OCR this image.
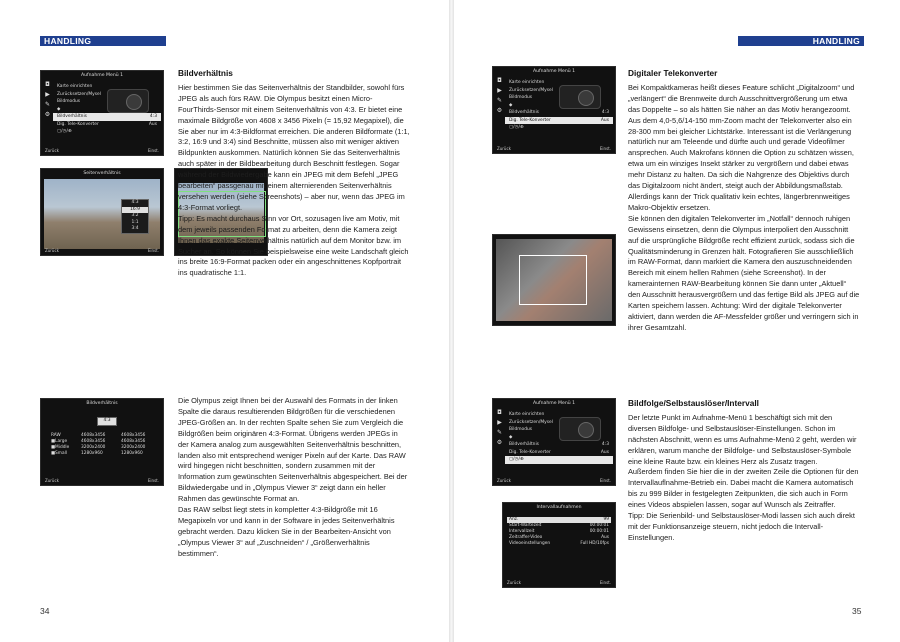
HANDLING
Aufnahme Menü 1
◘
▶
✎
⚙
Karte einrichten
Zurücksetzen/Mysel
Bildmodus
◆
Bildverhältnis	4:3
Dig. Tele-Konverter	Aus
▢/◷/⊕
Zurück	Einst.
Seitenverhältnis
4:3
16:9
3:2
1:1
3:4
Zurück	Einst.
Bildverhältnis
4:3
RAW	4608x3456	4608x3456
■Large	4608x3456	4608x3456
■Middle	3200x2400	3200x2400
■Small	1280x960	1280x960
Zurück	Einst.
Bildverhältnis

Hier bestimmen Sie das Seitenverhältnis der Standbilder, sowohl fürs JPEG als auch fürs RAW. Die Olympus besitzt einen Micro-FourThirds-Sensor mit einem Seitenverhältnis von 4:3. Er bietet eine maximale Bildgröße von 4608 x 3456 Pixeln (= 15,92 Megapixel), die Sie aber nur im 4:3-Bildformat erreichen. Die anderen Bildformate (1:1, 3:2, 16:9 und 3:4) sind Beschnitte, müssen also mit weniger aktiven Bildpunkten auskommen. Natürlich können Sie das Seitenverhältnis auch später in der Bildbearbeitung durch Beschnitt festlegen. Sogar während der Bildwiedergabe kann ein JPEG mit dem Befehl „JPEG bearbeiten“ passgenau mit einem alternierenden Seitenverhältnis versehen werden (siehe Screenshots) – aber nur, wenn das JPEG im 4:3-Format vorliegt.

Tipp: Es macht durchaus Sinn vor Ort, sozusagen live am Motiv, mit dem jeweils passenden Format zu arbeiten, denn die Kamera zeigt Ihnen das exakte Seitenverhältnis natürlich auf dem Monitor bzw. im Sucher an. So können Sie beispielsweise eine weite Landschaft gleich ins breite 16:9-Format packen oder ein angeschnittenes Kopfportrait ins quadratische 1:1.

Die Olympus zeigt Ihnen bei der Auswahl des Formats in der linken Spalte die daraus resultierenden Bildgrößen für die verschiedenen JPEG-Größen an. In der rechten Spalte sehen Sie zum Vergleich die Bildgrößen beim originären 4:3-Format. Übrigens werden JPEGs in der Kamera analog zum ausgewählten Seitenverhältnis beschnitten, landen also mit entsprechend weniger Pixeln auf der Karte. Das RAW wird hingegen nicht beschnitten, sondern zusammen mit der Information zum gewünschten Seitenverhältnis abgespeichert. Bei der Bildwiedergabe und in „Olympus Viewer 3“ zeigt dann ein heller Rahmen das gewünschte Format an.

Das RAW selbst liegt stets in kompletter 4:3-Bildgröße mit 16 Megapixeln vor und kann in der Software in jedes Seitenverhältnis gebracht werden. Dazu klicken Sie in der Bearbeiten-Ansicht von „Olympus Viewer 3“ auf „Zuschneiden“ / „Größenverhältnis bestimmen“.

34
HANDLING
Aufnahme Menü 1
◘
▶
✎
⚙
Karte einrichten
Zurücksetzen/Mysel
Bildmodus
◆
Bildverhältnis	4:3
Dig. Tele-Konverter	Aus
▢/◷/⊕
Zurück	Einst.
Aufnahme Menü 1
◘
▶
✎
⚙
Karte einrichten
Zurücksetzen/Mysel
Bildmodus
◆
Bildverhältnis	4:3
Dig. Tele-Konverter	Aus
▢/◷/⊕
Zurück	Einst.
Intervallaufnahmen
Anz.	99
Start-Wartezeit	00:00:01
Intervallzeit	00:00:01
Zeitraffer-Video	Aus
Videoeinstellungen	Full HD/10fps
Zurück	Einst.
Digitaler Telekonverter

Bei Kompaktkameras heißt dieses Feature schlicht „Digitalzoom“ und „verlängert“ die Brennweite durch Ausschnittvergrößerung um etwa das Doppelte – so als hätten Sie näher an das Motiv herangezoomt. Aus dem 4,0-5,6/14-150 mm-Zoom macht der Telekonverter also ein 28-300 mm bei gleicher Lichtstärke. Interessant ist die Verlängerung natürlich nur am Teleende und dürfte auch und gerade Videofilmer ansprechen. Auch Makrofans können die Option zu schätzen wissen, etwa um ein winziges Insekt stärker zu vergrößern und dabei etwas mehr Distanz zu halten. Da sich die Nahgrenze des Objektivs durch das Digitalzoom nicht ändert, steigt auch der Abbildungsmaßstab. Allerdings kann der Trick qualitativ kein echtes, längerbrennweitiges Makro-Objektiv ersetzen.

Sie können den digitalen Telekonverter im „Notfall“ dennoch ruhigen Gewissens einsetzen, denn die Olympus interpoliert den Ausschnitt auf die ursprüngliche Bildgröße recht effizient zurück, sodass sich die Qualitätsminderung in Grenzen hält. Fotografieren Sie ausschließlich im RAW-Format, dann markiert die Kamera den auszuschneidenden Bereich mit einem hellen Rahmen (siehe Screenshot). In der kamerainternen RAW-Bearbeitung können Sie dann unter „Aktuell“ den Ausschnitt herausvergrößern und das fertige Bild als JPEG auf die Karten speichern lassen. Achtung: Wird der digitale Telekonverter aktiviert, dann werden die AF-Messfelder größer und verringern sich in ihrer Gesamtzahl.

Bildfolge/Selbstauslöser/Intervall

Der letzte Punkt im Aufnahme-Menü 1 beschäftigt sich mit den diversen Bildfolge- und Selbstauslöser-Einstellungen. Schon im nächsten Abschnitt, wenn es ums Aufnahme-Menü 2 geht, werden wir erklären, warum manche der Bildfolge- und Selbstauslöser-Symbole eine kleine Raute bzw. ein kleines Herz als Zusatz tragen.

Außerdem finden Sie hier die in der zweiten Zeile die Optionen für den Intervallauflnahme-Betrieb ein. Dabei macht die Kamera automatisch bis zu 999 Bilder in festgelegten Zeitpunkten, die sich auch in Form eines Videos abspielen lassen, sogar auf Wunsch als Zeitraffer.

Tipp: Die Serienbild- und Selbstauslöser-Modi lassen sich auch direkt mit der Funktionsanzeige steuern, nicht jedoch die Intervall-Einstellungen.

35
